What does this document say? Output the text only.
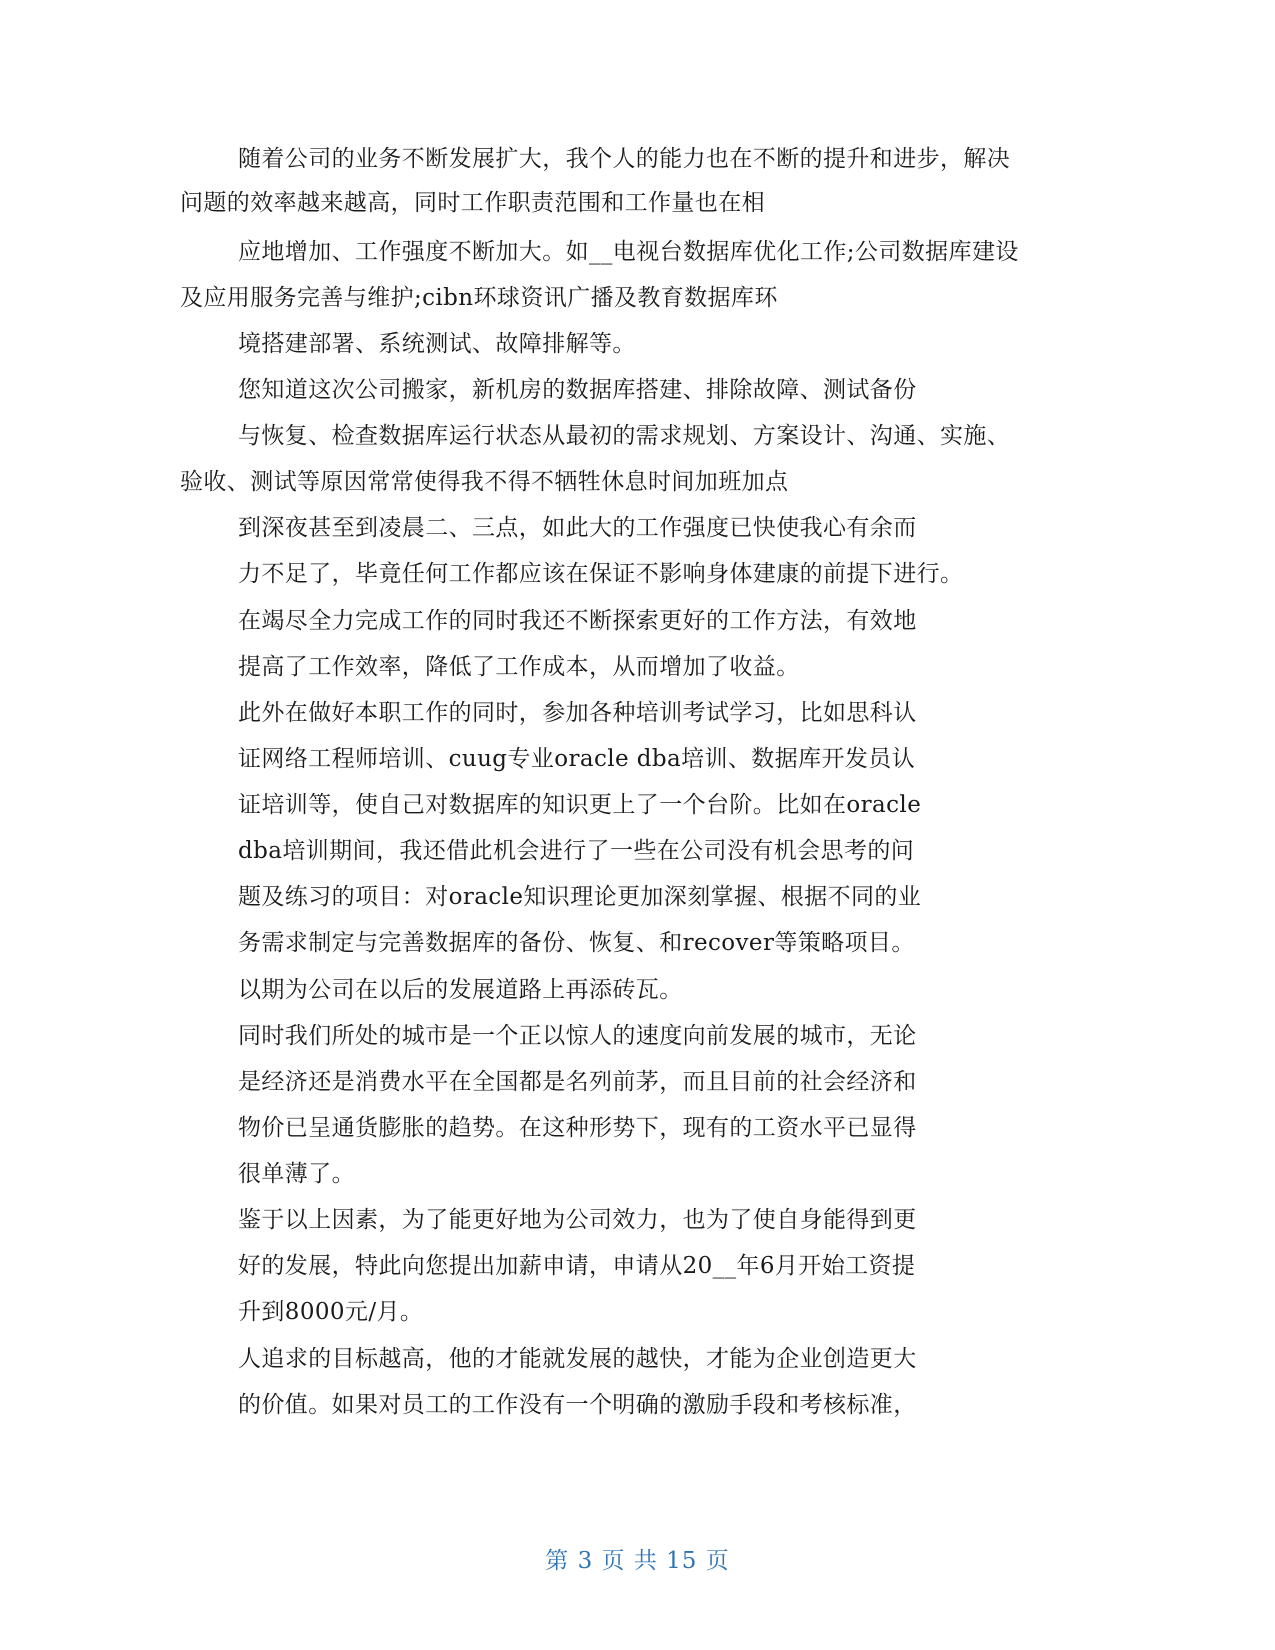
随着公司的业务不断发展扩大，我个人的能力也在不断的提升和进步，解决
问题的效率越来越高，同时工作职责范围和工作量也在相
应地增加、工作强度不断加大。如__电视台数据库优化工作;公司数据库建设
及应用服务完善与维护;cibn环球资讯广播及教育数据库环
境搭建部署、系统测试、故障排解等。
您知道这次公司搬家，新机房的数据库搭建、排除故障、测试备份
与恢复、检查数据库运行状态从最初的需求规划、方案设计、沟通、实施、
验收、测试等原因常常使得我不得不牺牲休息时间加班加点
到深夜甚至到凌晨二、三点，如此大的工作强度已快使我心有余而
力不足了，毕竟任何工作都应该在保证不影响身体建康的前提下进行。
在竭尽全力完成工作的同时我还不断探索更好的工作方法，有效地
提高了工作效率，降低了工作成本，从而增加了收益。
此外在做好本职工作的同时，参加各种培训考试学习，比如思科认
证网络工程师培训、cuug专业oracle dba培训、数据库开发员认
证培训等，使自己对数据库的知识更上了一个台阶。比如在oracle
dba培训期间，我还借此机会进行了一些在公司没有机会思考的问
题及练习的项目：对oracle知识理论更加深刻掌握、根据不同的业
务需求制定与完善数据库的备份、恢复、和recover等策略项目。
以期为公司在以后的发展道路上再添砖瓦。
同时我们所处的城市是一个正以惊人的速度向前发展的城市，无论
是经济还是消费水平在全国都是名列前茅，而且目前的社会经济和
物价已呈通货膨胀的趋势。在这种形势下，现有的工资水平已显得
很单薄了。
鉴于以上因素，为了能更好地为公司效力，也为了使自身能得到更
好的发展，特此向您提出加薪申请，申请从20__年6月开始工资提
升到8000元/月。
人追求的目标越高，他的才能就发展的越快，才能为企业创造更大
的价值。如果对员工的工作没有一个明确的激励手段和考核标准，
第 3 页 共 15 页
